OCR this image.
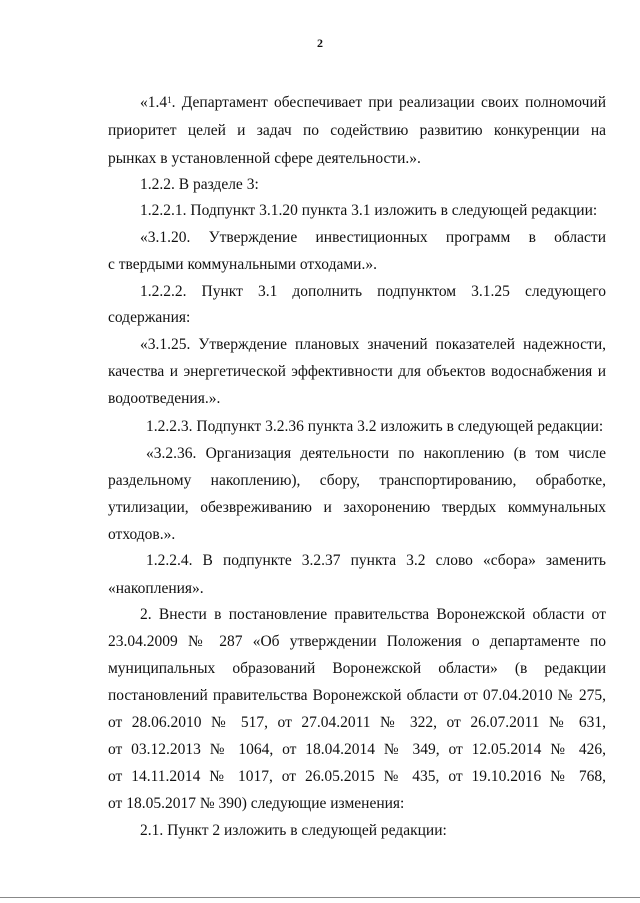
2
«$1.4^1$. Департамент обеспечивает при реализации своих полномочий
приоритет целей и задач по содействию развитию конкуренции на
рынках в установленной сфере деятельности.».
1.2.2. В разделе 3:
1.2.2.1. Подпункт 3.1.20 пункта 3.1 изложить в следующей редакции:
«3.1.20. Утверждение инвестиционных программ в области
с твердыми коммунальными отходами.».
1.2.2.2. Пункт 3.1 дополнить подпунктом 3.1.25 следующего
содержания:
«3.1.25. Утверждение плановых значений показателей надежности,
качества и энергетической эффективности для объектов водоснабжения и
водоотведения.».
1.2.2.3. Подпункт 3.2.36 пункта 3.2 изложить в следующей редакции:
«3.2.36. Организация деятельности по накоплению (в том числе
раздельному накоплению), сбору, транспортированию, обработке,
утилизации, обезвреживанию и захоронению твердых коммунальных
отходов.».
1.2.2.4. В подпункте 3.2.37 пункта 3.2 слово «сбора» заменить
«накопления».
2. Внести в постановление правительства Воронежской области от
23.04.2009 № 287 «Об утверждении Положения о департаменте по
муниципальных образований Воронежской области» (в редакции
постановлений правительства Воронежской области от 07.04.2010 № 275,
от 28.06.2010 № 517, от 27.04.2011 № 322, от 26.07.2011 № 631,
от 03.12.2013 № 1064, от 18.04.2014 № 349, от 12.05.2014 № 426,
от 14.11.2014 № 1017, от 26.05.2015 № 435, от 19.10.2016 № 768,
от 18.05.2017 № 390) следующие изменения:
2.1. Пункт 2 изложить в следующей редакции:
